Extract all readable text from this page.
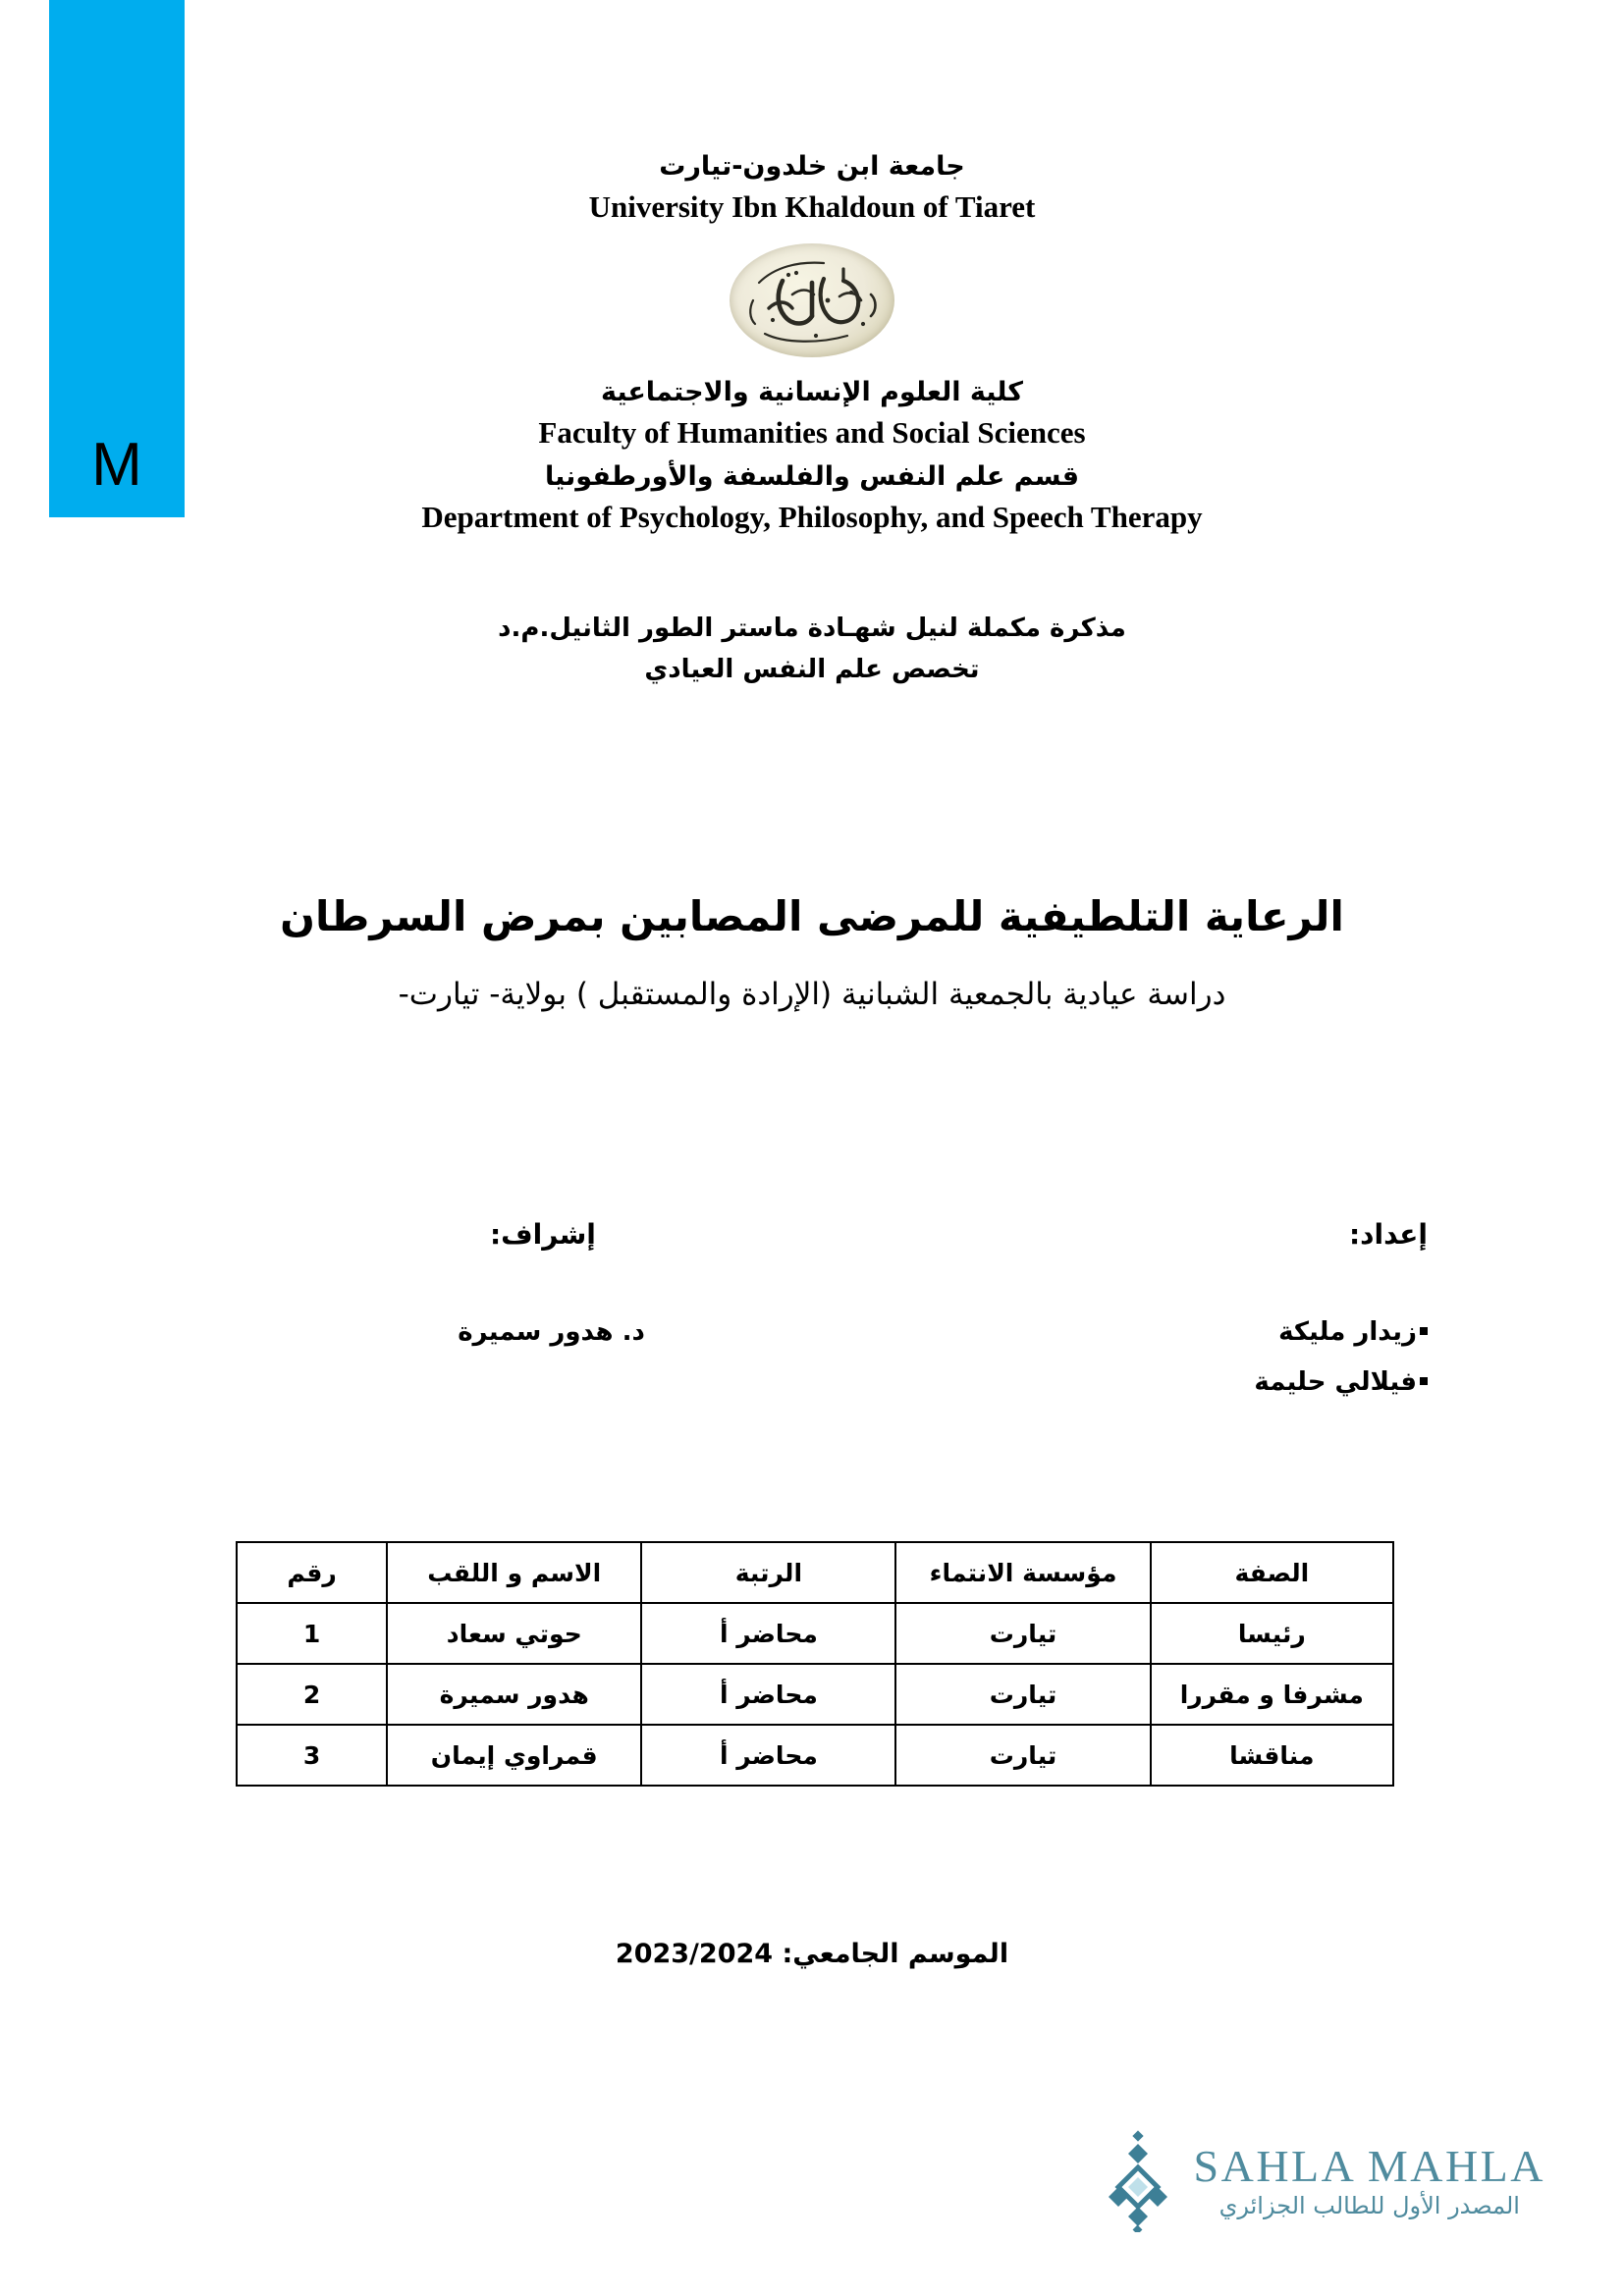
M
جامعة ابن خلدون-تيارت
University Ibn Khaldoun of Tiaret
كلية العلوم الإنسانية والاجتماعية
Faculty of Humanities and Social Sciences
قسم علم النفس والفلسفة والأورطفونيا
Department of Psychology, Philosophy, and Speech Therapy
مذكرة مكملة لنيل شهـادة ماستر الطور الثانيل.م.د
تخصص علم النفس العيادي
الرعاية التلطيفية للمرضى المصابين بمرض السرطان
دراسة عيادية بالجمعية الشبانية (الإرادة والمستقبل ) بولاية- تيارت-
إعداد:
زيدار مليكة
فيلالي حليمة
إشراف:
د. هدور سميرة
الصفة	مؤسسة الانتماء	الرتبة	الاسم و اللقب	رقم
رئيسا	تيارت	محاضر أ	حوتي سعاد	1
مشرفا و مقررا	تيارت	محاضر أ	هدور سميرة	2
مناقشا	تيارت	محاضر أ	قمراوي إيمان	3
الموسم الجامعي: 2023/2024
SAHLA MAHLA
المصدر الأول للطالب الجزائري
